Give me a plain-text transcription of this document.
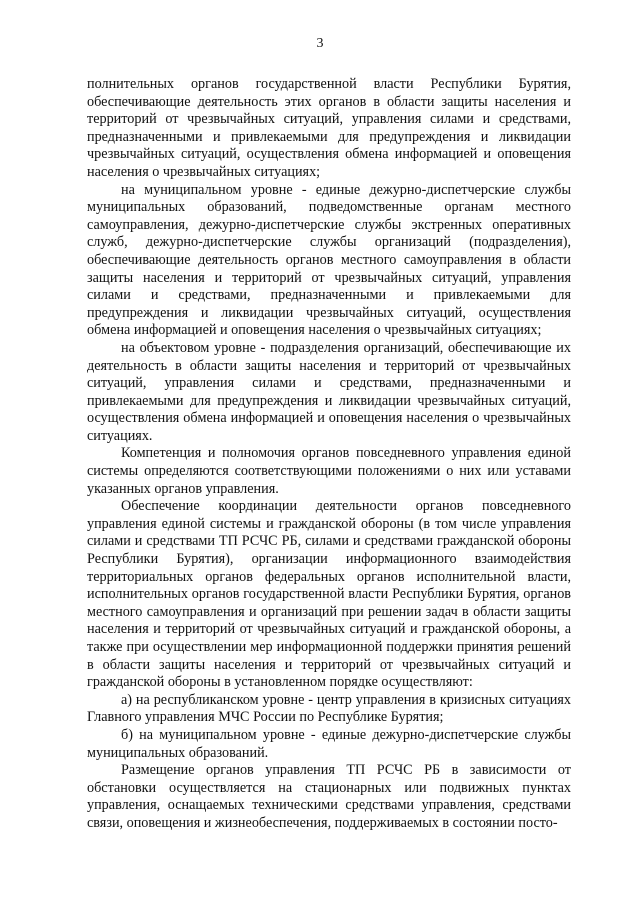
3

полнительных органов государственной власти Республики Бурятия, обеспечивающие деятельность этих органов в области защиты населения и территорий от чрезвычайных ситуаций, управления силами и средствами, предназначенными и привлекаемыми для предупреждения и ликвидации чрезвычайных ситуаций, осуществления обмена информацией и оповещения населения о чрезвычайных ситуациях;

на муниципальном уровне - единые дежурно-диспетчерские службы муниципальных образований, подведомственные органам местного самоуправления, дежурно-диспетчерские службы экстренных оперативных служб, дежурно-диспетчерские службы организаций (подразделения), обеспечивающие деятельность органов местного самоуправления в области защиты населения и территорий от чрезвычайных ситуаций, управления силами и средствами, предназначенными и привлекаемыми для предупреждения и ликвидации чрезвычайных ситуаций, осуществления обмена информацией и оповещения населения о чрезвычайных ситуациях;

на объектовом уровне - подразделения организаций, обеспечивающие их деятельность в области защиты населения и территорий от чрезвычайных ситуаций, управления силами и средствами, предназначенными и привлекаемыми для предупреждения и ликвидации чрезвычайных ситуаций, осуществления обмена информацией и оповещения населения о чрезвычайных ситуациях.

Компетенция и полномочия органов повседневного управления единой системы определяются соответствующими положениями о них или уставами указанных органов управления.

Обеспечение координации деятельности органов повседневного управления единой системы и гражданской обороны (в том числе управления силами и средствами ТП РСЧС РБ, силами и средствами гражданской обороны Республики Бурятия), организации информационного взаимодействия территориальных органов федеральных органов исполнительной власти, исполнительных органов государственной власти Республики Бурятия, органов местного самоуправления и организаций при решении задач в области защиты населения и территорий от чрезвычайных ситуаций и гражданской обороны, а также при осуществлении мер информационной поддержки принятия решений в области защиты населения и территорий от чрезвычайных ситуаций и гражданской обороны в установленном порядке осуществляют:

а) на республиканском уровне - центр управления в кризисных ситуациях Главного управления МЧС России по Республике Бурятия;

б) на муниципальном уровне - единые дежурно-диспетчерские службы муниципальных образований.

Размещение органов управления ТП РСЧС РБ в зависимости от обстановки осуществляется на стационарных или подвижных пунктах управления, оснащаемых техническими средствами управления, средствами связи, оповещения и жизнеобеспечения, поддерживаемых в состоянии посто-
